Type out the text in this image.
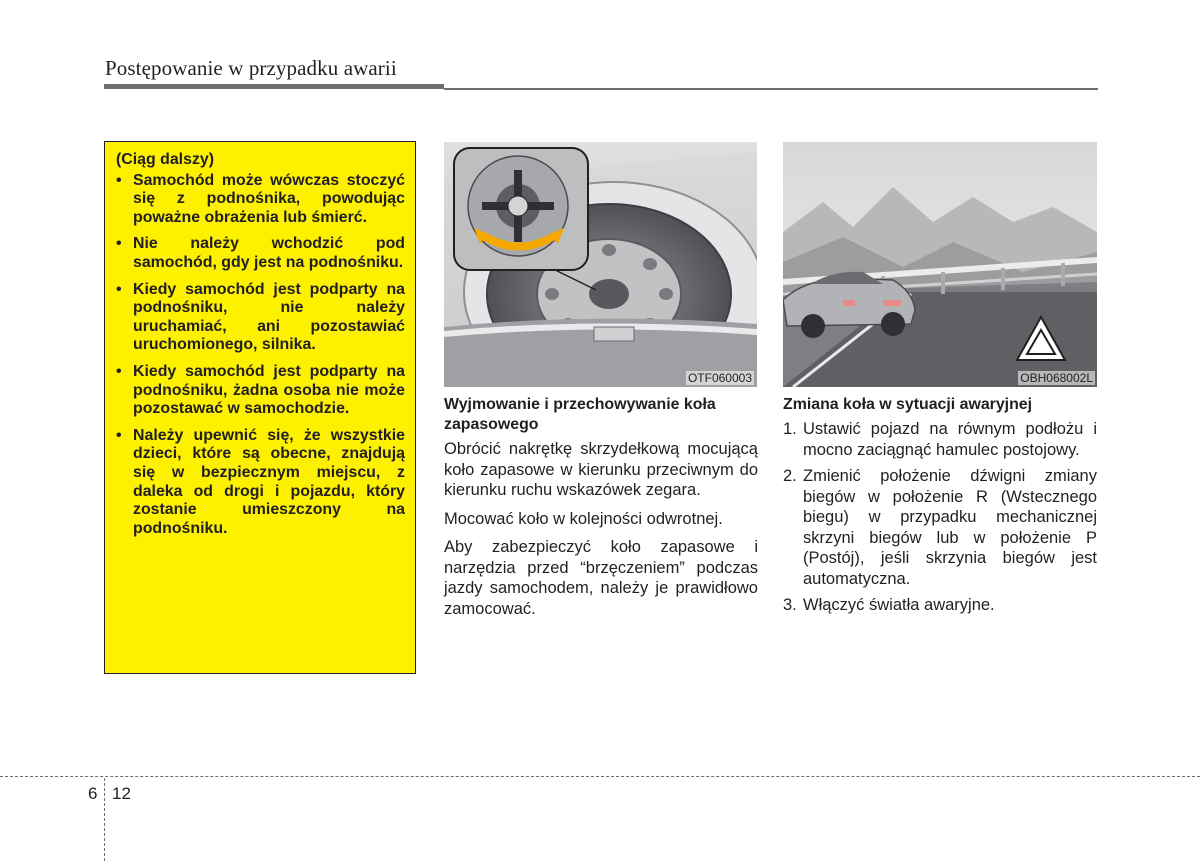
Postępowanie w przypadku awarii
(Ciąg dalszy)
• Samochód może wówczas stoczyć się z podnośnika, powodując poważne obrażenia lub śmierć.
• Nie należy wchodzić pod samochód, gdy jest na podnośniku.
• Kiedy samochód jest podparty na podnośniku, nie należy uruchamiać, ani pozostawiać uruchomionego, silnika.
• Kiedy samochód jest podparty na podnośniku, żadna osoba nie może pozostawać w samochodzie.
• Należy upewnić się, że wszystkie dzieci, które są obecne, znajdują się w bezpiecznym miejscu, z daleka od drogi i pojazdu, który zostanie umieszczony na podnośniku.
OTF060003	OBH068002L
Wyjmowanie i przechowywanie koła zapasowego

Obrócić nakrętkę skrzydełkową mocującą koło zapasowe w kierunku przeciwnym do kierunku ruchu wskazówek zegara.

Mocować koło w kolejności odwrotnej.

Aby zabezpieczyć koło zapasowe i narzędzia przed “brzęczeniem” podczas jazdy samochodem, należy je prawidłowo zamocować.

Zmiana koła w sytuacji awaryjnej
1. Ustawić pojazd na równym podłożu i mocno zaciągnąć hamulec postojowy.
2. Zmienić położenie dźwigni zmiany biegów w położenie R (Wstecznego biegu) w przypadku mechanicznej skrzyni biegów lub w położenie P (Postój), jeśli skrzynia biegów jest automatyczna.
3. Włączyć światła awaryjne.
6 12
